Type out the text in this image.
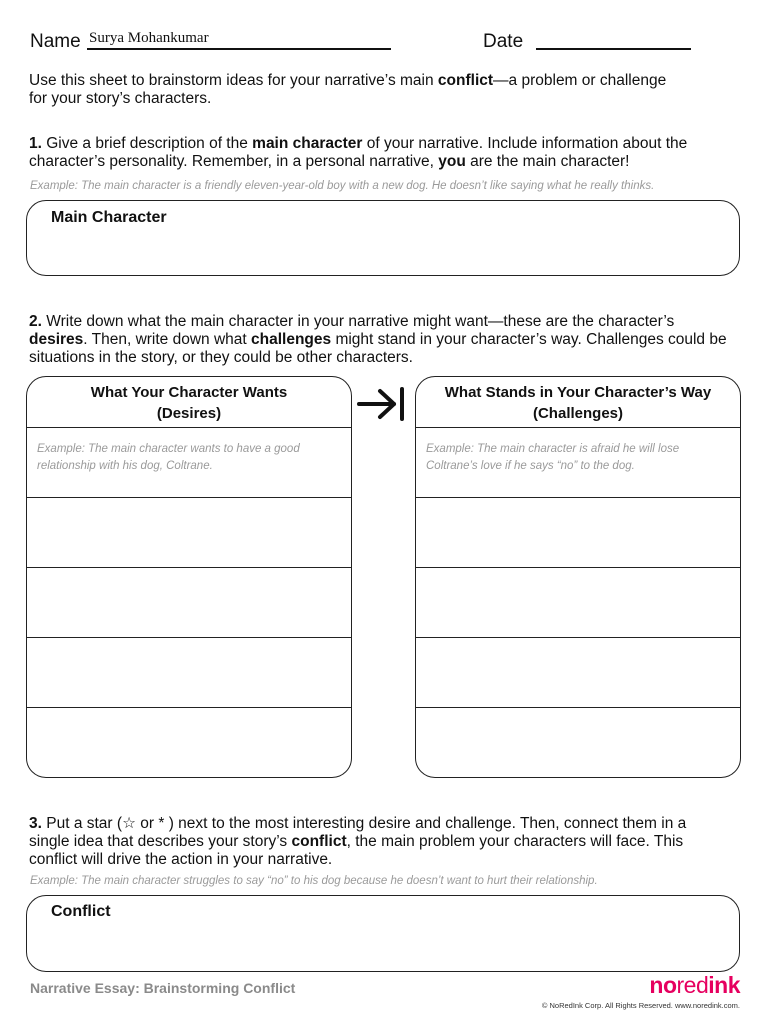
Name Surya Mohankumar	Date
Use this sheet to brainstorm ideas for your narrative’s main conflict—a problem or challenge for your story’s characters.
1. Give a brief description of the main character of your narrative. Include information about the character’s personality. Remember, in a personal narrative, you are the main character!
Example: The main character is a friendly eleven-year-old boy with a new dog. He doesn’t like saying what he really thinks.
Main Character
2. Write down what the main character in your narrative might want—these are the character’s desires. Then, write down what challenges might stand in your character’s way. Challenges could be situations in the story, or they could be other characters.
What Your Character Wants
(Desires)
Example: The main character wants to have a good relationship with his dog, Coltrane.
What Stands in Your Character’s Way
(Challenges)
Example: The main character is afraid he will lose Coltrane’s love if he says “no” to the dog.
3. Put a star (☆ or * ) next to the most interesting desire and challenge. Then, connect them in a single idea that describes your story’s conflict, the main problem your characters will face. This conflict will drive the action in your narrative.
Example: The main character struggles to say “no” to his dog because he doesn’t want to hurt their relationship.
Conflict
Narrative Essay: Brainstorming Conflict	noredink
© NoRedInk Corp. All Rights Reserved. www.noredink.com.
